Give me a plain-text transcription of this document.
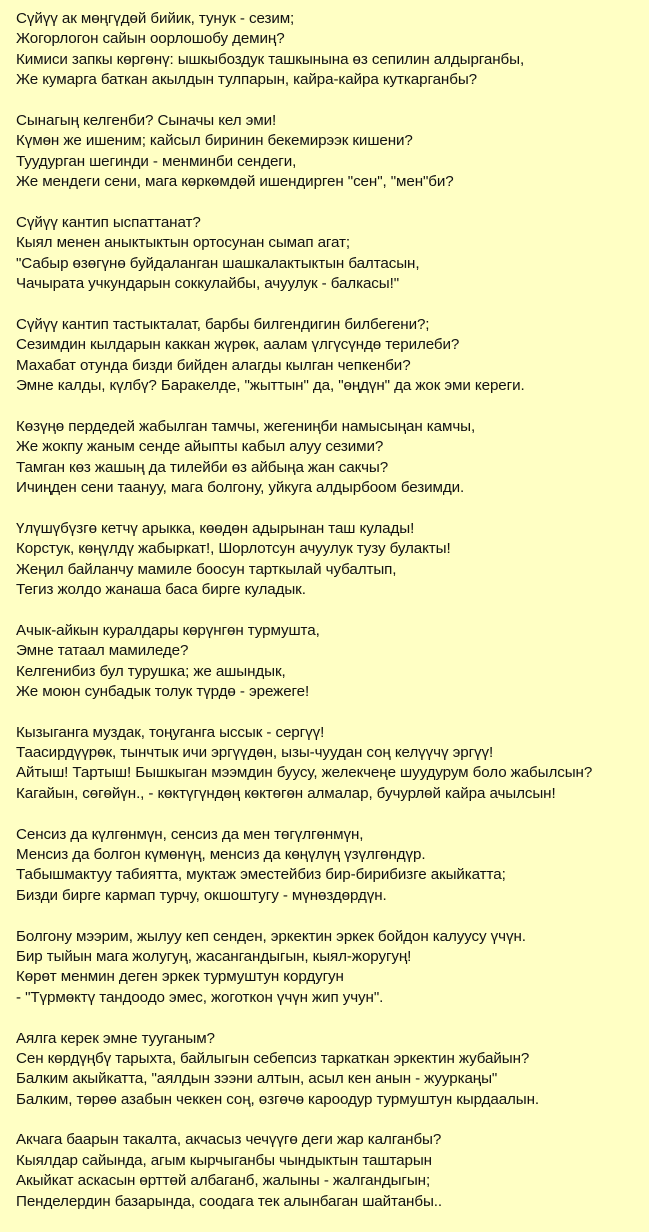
Сүйүү ак мөңгүдөй бийик, тунук - сезим;
Жогорлогон сайын оорлошобу демиң?
Кимиси запкы көргөнү: ышкыбоздук ташкынына өз сепилин алдырганбы,
Же кумарга баткан акылдын тулпарын, кайра-кайра куткарганбы?
Сынагың келгенби? Сыначы кел эми!
Күмөн же ишеним; кайсыл биринин бекемирээк кишени?
Туудурган шегинди - менминби сендеги,
Же мендеги сени, мага көркөмдөй ишендирген "сен", "мен"би?
Сүйүү кантип ыспаттанат?
Кыял менен аныктыктын ортосунан сымап агат;
"Сабыр өзөгүнө буйдаланган шашкалактыктын балтасын,
Чачырата учкундарын соккулайбы, ачуулук - балкасы!"
Сүйүү кантип тастыкталат, барбы билгендигин билбегени?;
Сезимдин кылдарын каккан жүрөк, аалам үлгүсүндө терилеби?
Махабат отунда бизди бийден алагды кылган чепкенби?
Эмне калды, күлбү? Баракелде, "жыттын" да, "өңдүн" да жок эми кереги.
Көзүңө пердедей жабылган тамчы, жегениңби намысыңан камчы,
Же жокпу жаным сенде айыпты кабыл алуу сезими?
Тамган көз жашың да тилейби өз айбыңа жан сакчы?
Ичиңден сени таануу, мага болгону, уйкуга алдырбоом безимди.
Үлүшүбүзгө кетчү арыкка, көөдөн адырынан таш кулады!
Корстук, көңүлдү жабыркат!, Шорлотсун ачуулук тузу булакты!
Жеңил байланчу мамиле боосун тарткылай чубалтып,
Тегиз жолдо жанаша баса бирге куладык.
Ачык-айкын куралдары көрүнгөн турмушта,
Эмне татаал мамиледе?
Келгенибиз бул турушка; же ашындык,
Же моюн сунбадык толук түрдө - эрежеге!
Кызыганга муздак, тоңуганга ыссык - сергүү!
Таасирдүүрөк, тынчтык ичи эргүүдөн, ызы-чуудан соң келүүчү эргүү!
Айтыш! Тартыш! Бышкыган мээмдин буусу, желекчеңе шуудурум боло жабылсын?
Кагайын, сөгөйүн., - көктүгүндөң көктөгөн алмалар, бучурлөй кайра ачылсын!
Сенсиз да күлгөнмүн, сенсиз да мен төгүлгөнмүн,
Менсиз да болгон күмөнүң, менсиз да көңүлүң үзүлгөндүр.
Табышмактуу табиятта, муктаж эместейбиз бир-бирибизге акыйкатта;
Бизди бирге кармап турчу, окшоштугу - мүнөздөрдүн.
Болгону мээрим, жылуу кеп сенден, эркектин эркек бойдон калуусу үчүн.
Бир тыйын мага жолугуң, жасангандыгын, кыял-жоругуң!
Көрөт менмин деген эркек турмуштун кордугун
- "Түрмөктү тандоодо эмес, жоготкон үчүн жип учун".
Аялга керек эмне тууганым?
Сен көрдүңбү тарыхта, байлыгын себепсиз таркаткан эркектин жубайын?
Балким акыйкатта, "аялдын зээни алтын, асыл кен анын - жууркаңы"
Балким, төрөө азабын чеккен соң, өзгөчө кароодур турмуштун кырдаалын.
Акчага баарын такалта, акчасыз чечүүгө деги жар калганбы?
Кыялдар сайында, агым кырчыганбы чындыктын таштарын
Акыйкат аскасын өрттөй албаганб, жалыны - жалгандыгын;
Пенделердин базарында, соодага тек алынбаган шайтанбы..
